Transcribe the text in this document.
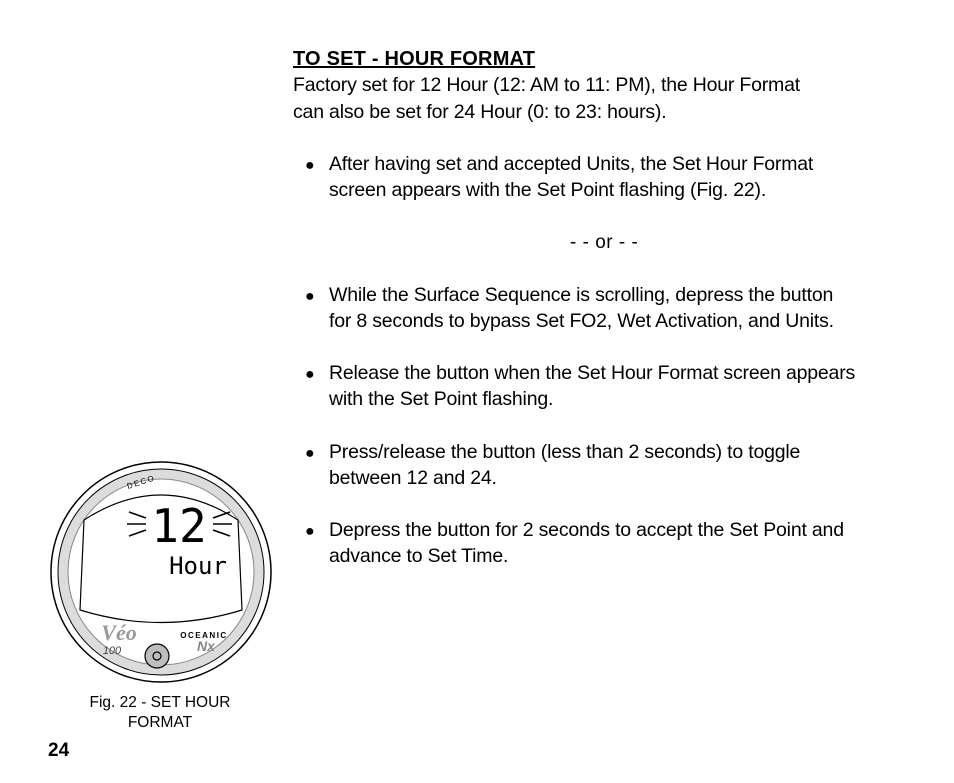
TO SET - HOUR FORMAT
Factory set for 12 Hour (12: AM to 11: PM), the Hour Format
can also be set for 24 Hour (0: to 23: hours).
● After having set and accepted Units, the Set Hour Format
screen appears with the Set Point flashing (Fig. 22).
- - or - -
● While the Surface Sequence is scrolling, depress the button
for 8 seconds to bypass Set FO2, Wet Activation, and Units.
● Release the button when the Set Hour Format screen appears
with the Set Point flashing.
● Press/release the button (less than 2 seconds) to toggle
between 12 and 24.
● Depress the button for 2 seconds to accept the Set Point and
advance to Set Time.
DECO
12
Hour
OCEANIC
Véo
100	Nx
Fig. 22 - SET HOUR
FORMAT
24
